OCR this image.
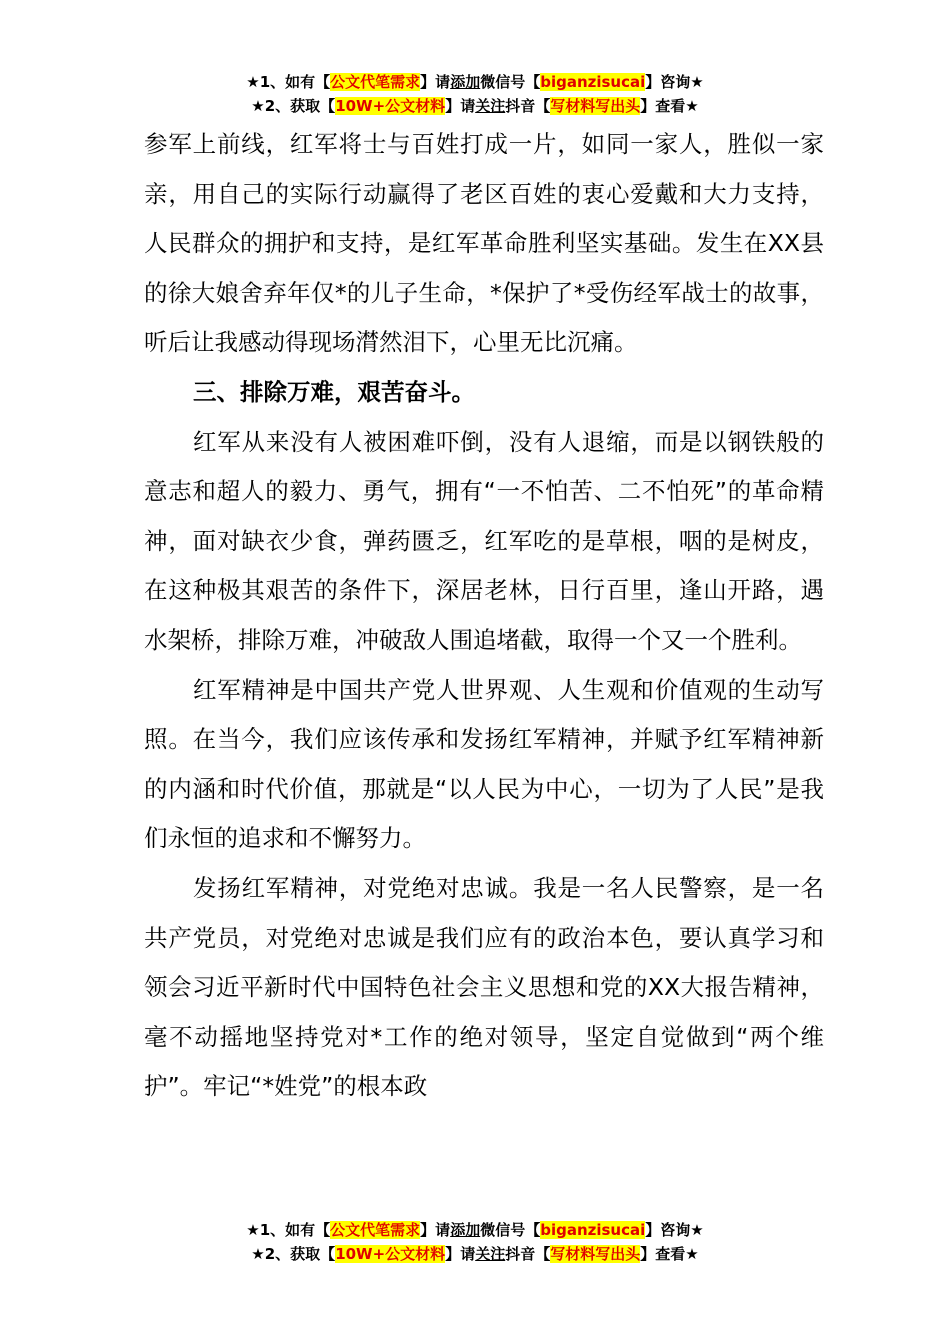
★1、如有【公文代笔需求】请添加微信号【biganzisucai】咨询★
★2、获取【10W+公文材料】请关注抖音【写材料写出头】查看★

参军上前线，红军将士与百姓打成一片，如同一家人，胜似一家亲，用自己的实际行动赢得了老区百姓的衷心爱戴和大力支持，人民群众的拥护和支持，是红军革命胜利坚实基础。发生在XX县的徐大娘舍弃年仅*的儿子生命，*保护了*受伤经军战士的故事，听后让我感动得现场潸然泪下，心里无比沉痛。

三、排除万难，艰苦奋斗。

红军从来没有人被困难吓倒，没有人退缩，而是以钢铁般的意志和超人的毅力、勇气，拥有“一不怕苦、二不怕死”的革命精神，面对缺衣少食，弹药匮乏，红军吃的是草根，咽的是树皮，在这种极其艰苦的条件下，深居老林，日行百里，逢山开路，遇水架桥，排除万难，冲破敌人围追堵截，取得一个又一个胜利。

红军精神是中国共产党人世界观、人生观和价值观的生动写照。在当今，我们应该传承和发扬红军精神，并赋予红军精神新的内涵和时代价值，那就是“以人民为中心，一切为了人民”是我们永恒的追求和不懈努力。

发扬红军精神，对党绝对忠诚。我是一名人民警察，是一名共产党员，对党绝对忠诚是我们应有的政治本色，要认真学习和领会习近平新时代中国特色社会主义思想和党的XX大报告精神，毫不动摇地坚持党对*工作的绝对领导，坚定自觉做到“两个维护”。牢记“*姓党”的根本政

★1、如有【公文代笔需求】请添加微信号【biganzisucai】咨询★
★2、获取【10W+公文材料】请关注抖音【写材料写出头】查看★
